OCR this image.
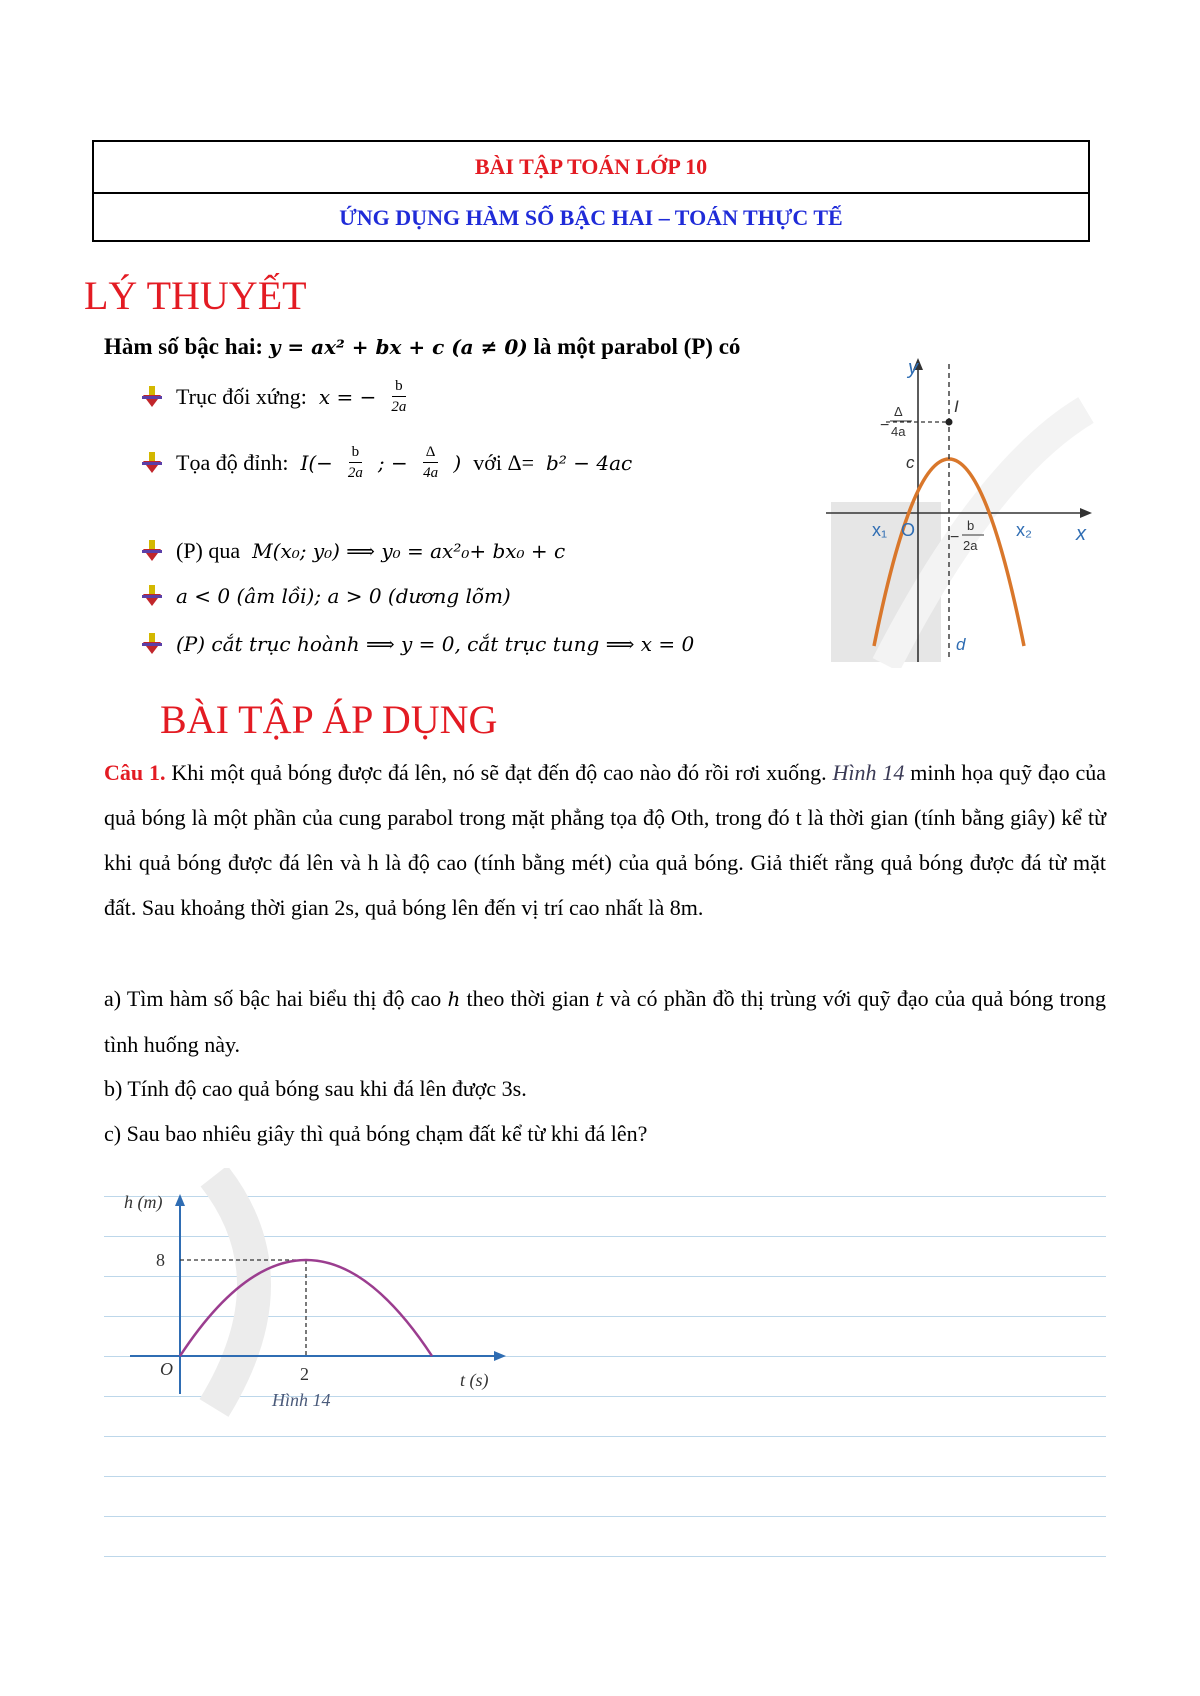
BÀI TẬP TOÁN LỚP 10
ỨNG DỤNG HÀM SỐ BẬC HAI – TOÁN THỰC TẾ
LÝ THUYẾT
Hàm số bậc hai: y = ax² + bx + c (a ≠ 0) là một parabol (P) có
Trục đối xứng: x = − $\frac{b}{2a}$
Tọa độ đỉnh: $I(- \frac{b}{2a}$ ; − $\frac{\Delta}{4a}$ ) với Δ= b² − 4ac
(P) qua M(x₀; y₀) ⟹ y₀ = ax²₀+ bx₀ + c
a < 0 (âm lồi); a > 0 (dương lõm)
(P) cắt trục hoành ⟹ y = 0, cắt trục tung ⟹ x = 0
y
x
I
c
x₁ O	x₂
d
−
Δ
4a
−
b
2a
BÀI TẬP ÁP DỤNG
Câu 1. Khi một quả bóng được đá lên, nó sẽ đạt đến độ cao nào đó rồi rơi xuống. Hình 14 minh họa quỹ đạo của quả bóng là một phần của cung parabol trong mặt phẳng tọa độ Oth, trong đó t là thời gian (tính bằng giây) kể từ khi quả bóng được đá lên và h là độ cao (tính bằng mét) của quả bóng. Giả thiết rằng quả bóng được đá từ mặt đất. Sau khoảng thời gian 2s, quả bóng lên đến vị trí cao nhất là 8m.
a) Tìm hàm số bậc hai biểu thị độ cao h theo thời gian t và có phần đồ thị trùng với quỹ đạo của quả bóng trong tình huống này.
b) Tính độ cao quả bóng sau khi đá lên được 3s.
c) Sau bao nhiêu giây thì quả bóng chạm đất kể từ khi đá lên?
h (m)
t (s)
O
8
2
Hình 14
